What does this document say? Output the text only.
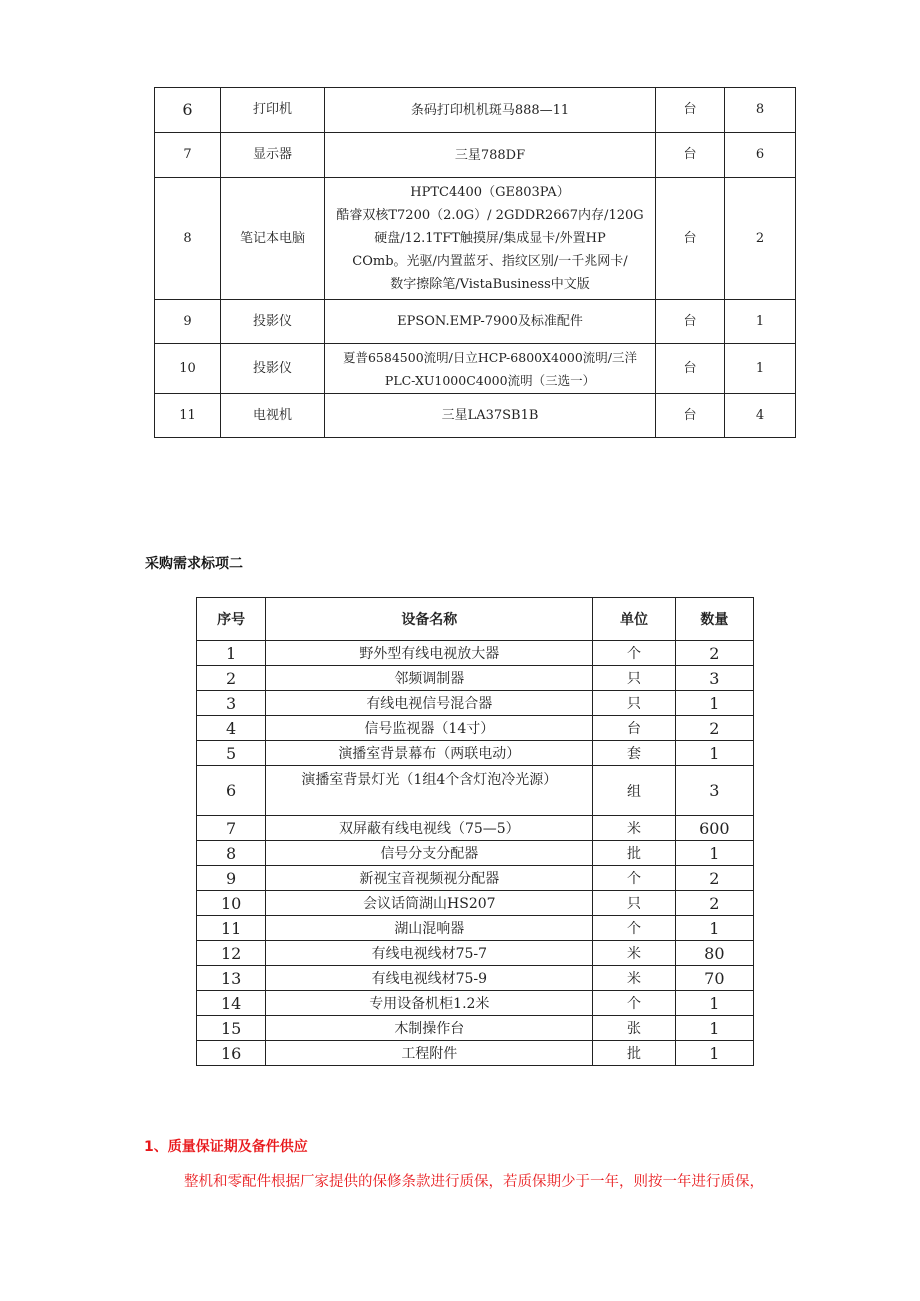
6	打印机	条码打印机机斑马888—11	台	8
7	显示器	三星788DF	台	6
8	笔记本电脑	HPTC4400（GE803PA）
酷睿双核T7200（2.0G）/ 2GDDR2667内存/120G
硬盘/12.1TFT触摸屏/集成显卡/外置HP
COmb。光驱/内置蓝牙、指纹区别/一千兆网卡/
数字擦除笔/VistaBusiness中文版	台	2
9	投影仪	EPSON.EMP-7900及标准配件	台	1
10	投影仪	夏普6584500流明/日立HCP-6800X4000流明/三洋
PLC-XU1000C4000流明（三选一）	台	1
11	电视机	三星LA37SB1B	台	4
采购需求标项二
序号	设备名称	单位	数量
1	野外型有线电视放大器	个	2
2	邻频调制器	只	3
3	有线电视信号混合器	只	1
4	信号监视器（14寸）	台	2
5	演播室背景幕布（两联电动）	套	1
6	演播室背景灯光（1组4个含灯泡冷光源）	组	3
7	双屏蔽有线电视线（75—5）	米	600
8	信号分支分配器	批	1
9	新视宝音视频视分配器	个	2
10	会议话筒湖山HS207	只	2
11	湖山混响器	个	1
12	有线电视线材75-7	米	80
13	有线电视线材75-9	米	70
14	专用设备机柜1.2米	个	1
15	木制操作台	张	1
16	工程附件	批	1
1、质量保证期及备件供应
整机和零配件根据厂家提供的保修条款进行质保，若质保期少于一年，则按一年进行质保，
